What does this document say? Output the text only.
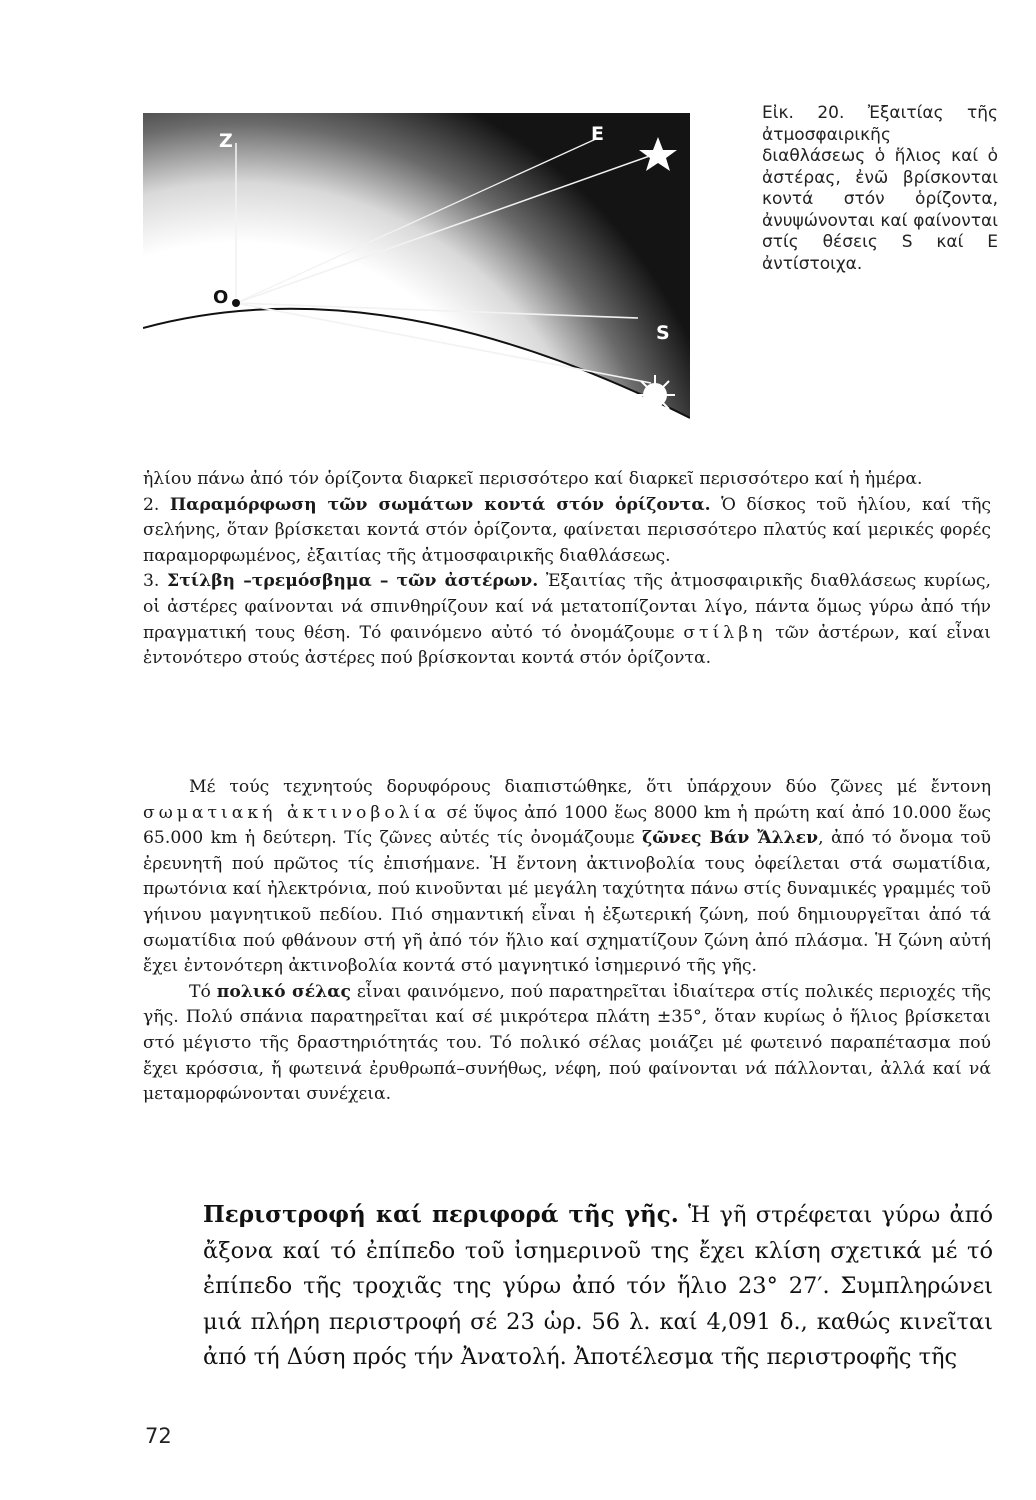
Z	E
O
S
Εἰκ. 20. Ἐξαιτίας τῆς ἀτμοσφαιρικῆς διαθλάσεως ὁ ἥλιος καί ὁ ἀστέρας, ἐνῶ βρίσκονται κοντά στόν ὁρίζοντα, ἀνυψώνονται καί φαίνονται στίς θέσεις S καί E ἀντίστοιχα.

ἡλίου πάνω ἀπό τόν ὁρίζοντα διαρκεῖ περισσότερο καί διαρκεῖ περισσότερο καί ἡ ἡμέρα.

2. Παραμόρφωση τῶν σωμάτων κοντά στόν ὁρίζοντα. Ὁ δίσκος τοῦ ἡλίου, καί τῆς σελήνης, ὅταν βρίσκεται κοντά στόν ὁρίζοντα, φαίνεται περισσότερο πλατύς καί μερικές φορές παραμορφωμένος, ἐξαιτίας τῆς ἀτμοσφαιρικῆς διαθλάσεως.

3. Στίλβη –τρεμόσβημα – τῶν ἀστέρων. Ἐξαιτίας τῆς ἀτμοσφαιρικῆς διαθλάσεως κυρίως, οἱ ἀστέρες φαίνονται νά σπινθηρίζουν καί νά μετατοπίζονται λίγο, πάντα ὅμως γύρω ἀπό τήν πραγματική τους θέση. Τό φαινόμενο αὐτό τό ὀνομάζουμε στίλβη τῶν ἀστέρων, καί εἶναι ἐντονότερο στούς ἀστέρες πού βρίσκονται κοντά στόν ὁρίζοντα.

Μέ τούς τεχνητούς δορυφόρους διαπιστώθηκε, ὅτι ὑπάρχουν δύο ζῶνες μέ ἔντονη σωματιακή ἀκτινοβολία σέ ὕψος ἀπό 1000 ἕως 8000 km ἡ πρώτη καί ἀπό 10.000 ἕως 65.000 km ἡ δεύτερη. Τίς ζῶνες αὐτές τίς ὀνομάζουμε ζῶνες Βάν Ἄλλεν, ἀπό τό ὄνομα τοῦ ἐρευνητῆ πού πρῶτος τίς ἐπισήμανε. Ἡ ἔντονη ἀκτινοβολία τους ὀφείλεται στά σωματίδια, πρωτόνια καί ἠλεκτρόνια, πού κινοῦνται μέ μεγάλη ταχύτητα πάνω στίς δυναμικές γραμμές τοῦ γήινου μαγνητικοῦ πεδίου. Πιό σημαντική εἶναι ἡ ἐξωτερική ζώνη, πού δημιουργεῖται ἀπό τά σωματίδια πού φθάνουν στή γῆ ἀπό τόν ἥλιο καί σχηματίζουν ζώνη ἀπό πλάσμα. Ἡ ζώνη αὐτή ἔχει ἐντονότερη ἀκτινοβολία κοντά στό μαγνητικό ἰσημερινό τῆς γῆς.

Τό πολικό σέλας εἶναι φαινόμενο, πού παρατηρεῖται ἰδιαίτερα στίς πολικές περιοχές τῆς γῆς. Πολύ σπάνια παρατηρεῖται καί σέ μικρότερα πλάτη ±35°, ὅταν κυρίως ὁ ἥλιος βρίσκεται στό μέγιστο τῆς δραστηριότητάς του. Τό πολικό σέλας μοιάζει μέ φωτεινό παραπέτασμα πού ἔχει κρόσσια, ἤ φωτεινά ἐρυθρωπά–συνήθως, νέφη, πού φαίνονται νά πάλλονται, ἀλλά καί νά μεταμορφώνονται συνέχεια.

Περιστροφή καί περιφορά τῆς γῆς. Ἡ γῆ στρέφεται γύρω ἀπό ἄξονα καί τό ἐπίπεδο τοῦ ἰσημερινοῦ της ἔχει κλίση σχετικά μέ τό ἐπίπεδο τῆς τροχιᾶς της γύρω ἀπό τόν ἥλιο 23° 27′. Συμπληρώνει μιά πλήρη περιστροφή σέ 23 ὡρ. 56 λ. καί 4,091 δ., καθώς κινεῖται ἀπό τή Δύση πρός τήν Ἀνατολή. Ἀποτέλεσμα τῆς περιστροφῆς τῆς
72
